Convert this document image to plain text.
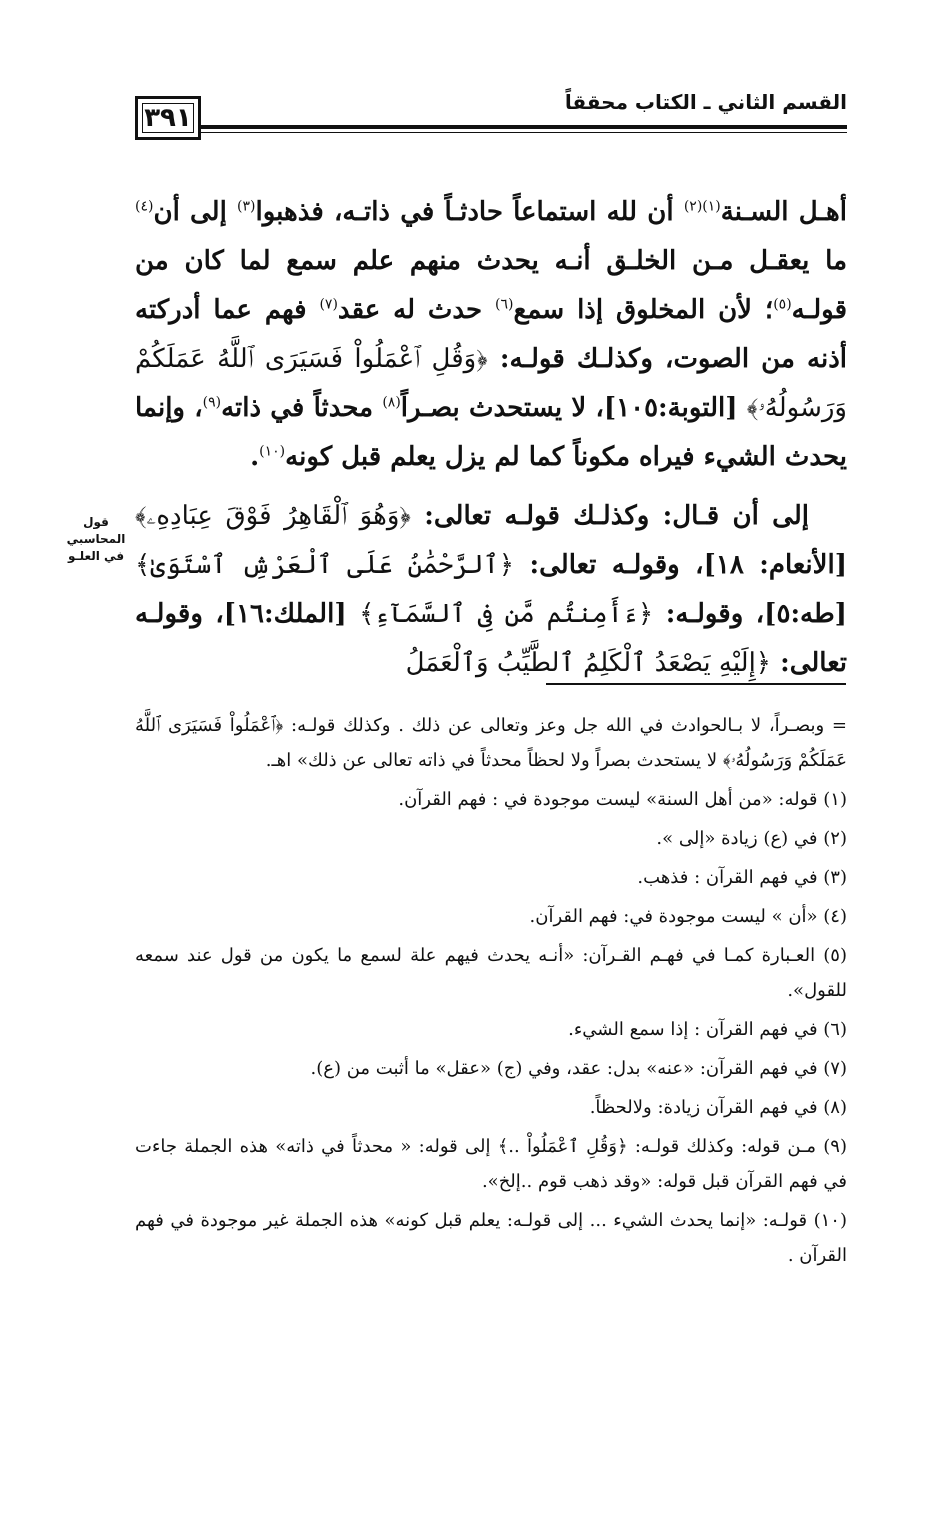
٣٩١
القسم الثاني ـ الكتاب محققاً

أهـل السـنة$^{(١)(٢)}$ أن لله استماعاً حادثـاً في ذاتـه، فذهبوا$^{(٣)}$ إلى أن$^{(٤)}$ ما يعقـل مـن الخلـق أنـه يحدث منهم علم سمع لما كان من قولـه$^{(٥)}$؛ لأن المخلوق إذا سمع$^{(٦)}$ حدث له عقد$^{(٧)}$ فهم عما أدركته أذنه من الصوت، وكذلـك قولـه: ﴿وَقُلِ ٱعْمَلُواْ فَسَيَرَى ٱللَّهُ عَمَلَكُمْ وَرَسُولُهُۥ﴾ [التوبة:١٠٥]، لا يستحدث بصـراً$^{(٨)}$ محدثاً في ذاته$^{(٩)}$، وإنما يحدث الشيء فيراه مكوناً كما لم يزل يعلم قبل كونه$^{(١٠)}$.

إلى أن قـال: وكذلـك قولـه تعالى: ﴿وَهُوَ ٱلْقَاهِرُ فَوْقَ عِبَادِهِۦ﴾ [الأنعام: ١٨]، وقولـه تعالى: ﴿ٱلرَّحْمَٰنُ عَلَى ٱلْعَرْشِ ٱسْتَوَىٰ﴾ [طه:٥]، وقولـه: ﴿ءَأَمِنتُم مَّن فِى ٱلسَّمَآءِ﴾ [الملك:١٦]، وقولـه تعالى: ﴿إِلَيْهِ يَصْعَدُ ٱلْكَلِمُ ٱلطَّيِّبُ وَٱلْعَمَلُ

قول
المحاسبي
في العلـو

= وبصـراً، لا بـالحوادث في الله جل وعز وتعالى عن ذلك . وكذلك قولـه: ﴿ٱعْمَلُواْ فَسَيَرَى ٱللَّهُ عَمَلَكُمْ وَرَسُولُهُۥ﴾ لا يستحدث بصراً ولا لحظاً محدثاً في ذاته تعالى عن ذلك» اهـ.

(١) قوله: «من أهل السنة» ليست موجودة في : فهم القرآن.

(٢) في (ع) زيادة «إلى ».

(٣) في فهم القرآن : فذهب.

(٤) «أن » ليست موجودة في: فهم القرآن.

(٥) العـبارة كمـا في فهـم القـرآن: «أنـه يحدث فيهم علة لسمع ما يكون من قول عند سمعه للقول».

(٦) في فهم القرآن : إذا سمع الشيء.

(٧) في فهم القرآن: «عنه» بدل: عقد، وفي (ج) «عقل» ما أثبت من (ع).

(٨) في فهم القرآن زيادة: ولالحظاً.

(٩) مـن قوله: وكذلك قولـه: ﴿وَقُلِ ٱعْمَلُواْ ..﴾ إلى قوله: « محدثاً في ذاته» هذه الجملة جاءت في فهم القرآن قبل قوله: «وقد ذهب قوم ..إلخ».

(١٠) قولـه: «إنما يحدث الشيء ... إلى قولـه: يعلم قبل كونه» هذه الجملة غير موجودة في فهم القرآن .
